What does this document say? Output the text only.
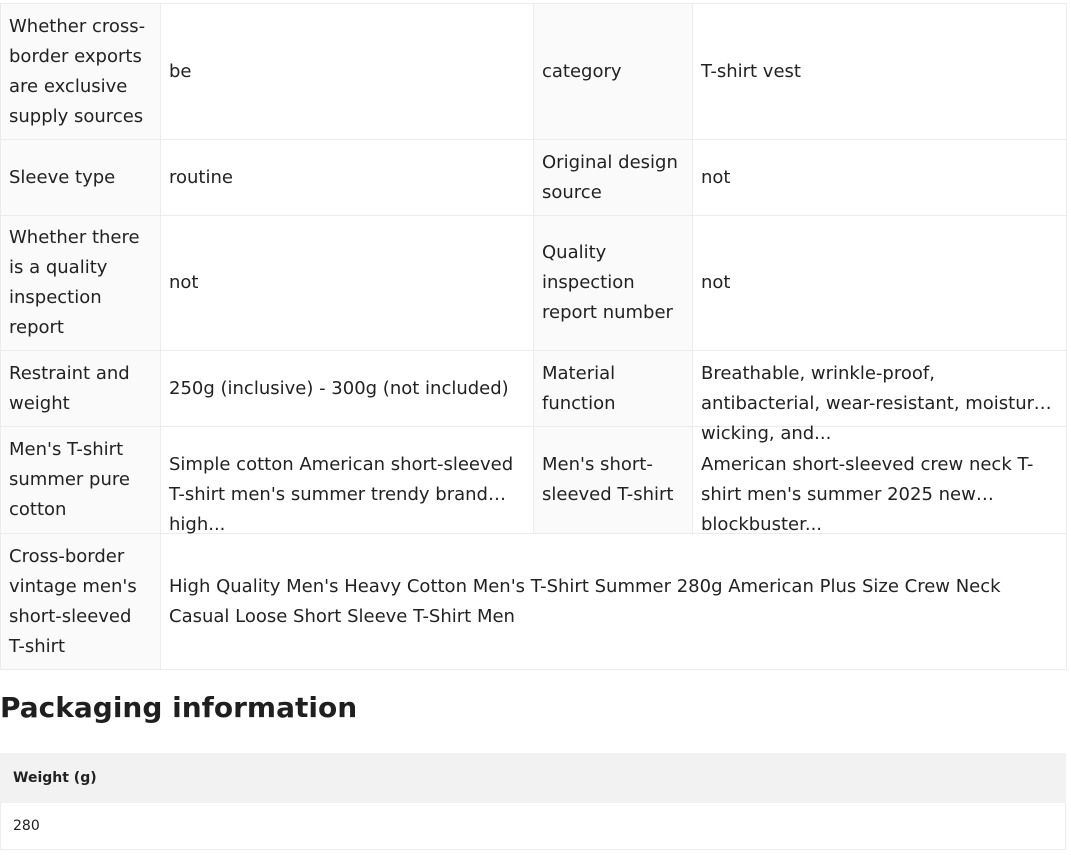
Whether cross-border exports are exclusive supply sources	be	category	T-shirt vest
Sleeve type	routine	Original design source	not
Whether there is a quality inspection report	not	Quality inspection report number	not
Restraint and weight	250g (inclusive) - 300g (not included)	Material function	Breathable, wrinkle-proof, antibacterial, wear-resistant, moisture-wicking, and...

Men's T-shirt summer pure cotton	Simple cotton American short-sleeved T-shirt men's summer trendy brand high...	Men's short-sleeved T-shirt	American short-sleeved crew neck T-shirt men's summer 2025 new blockbuster...

Cross-border vintage men's short-sleeved T-shirt	High Quality Men's Heavy Cotton Men's T-Shirt Summer 280g American Plus Size Crew Neck Casual Loose Short Sleeve T-Shirt Men		
Packaging information
Weight (g)
280
